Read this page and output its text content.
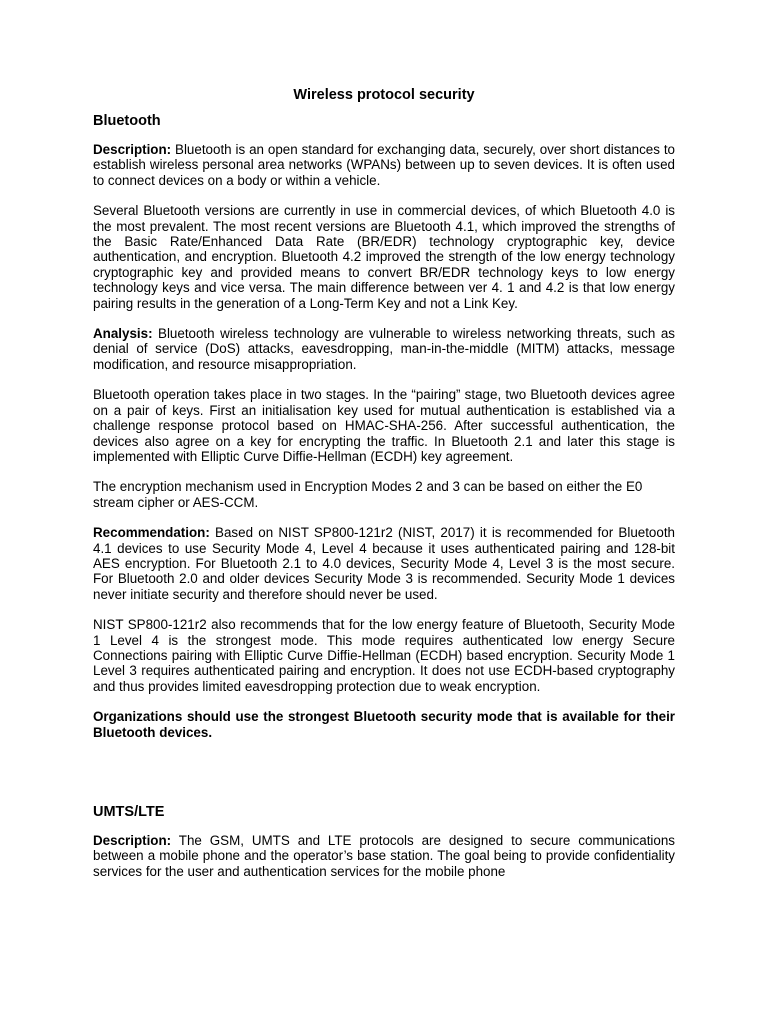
Wireless protocol security
Bluetooth

Description: Bluetooth is an open standard for exchanging data, securely, over short distances to establish wireless personal area networks (WPANs) between up to seven devices. It is often used to connect devices on a body or within a vehicle.

Several Bluetooth versions are currently in use in commercial devices, of which Bluetooth 4.0 is the most prevalent. The most recent versions are Bluetooth 4.1, which improved the strengths of the Basic Rate/Enhanced Data Rate (BR/EDR) technology cryptographic key, device authentication, and encryption. Bluetooth 4.2 improved the strength of the low energy technology cryptographic key and provided means to convert BR/EDR technology keys to low energy technology keys and vice versa. The main difference between ver 4. 1 and 4.2 is that low energy pairing results in the generation of a Long-Term Key and not a Link Key.

Analysis: Bluetooth wireless technology are vulnerable to wireless networking threats, such as denial of service (DoS) attacks, eavesdropping, man-in-the-middle (MITM) attacks, message modification, and resource misappropriation.

Bluetooth operation takes place in two stages. In the “pairing” stage, two Bluetooth devices agree on a pair of keys. First an initialisation key used for mutual authentication is established via a challenge response protocol based on HMAC-SHA-256. After successful authentication, the devices also agree on a key for encrypting the traffic. In Bluetooth 2.1 and later this stage is implemented with Elliptic Curve Diffie-Hellman (ECDH) key agreement.

The encryption mechanism used in Encryption Modes 2 and 3 can be based on either the E0 stream cipher or AES-CCM.

Recommendation: Based on NIST SP800-121r2 (NIST, 2017) it is recommended for Bluetooth 4.1 devices to use Security Mode 4, Level 4 because it uses authenticated pairing and 128-bit AES encryption. For Bluetooth 2.1 to 4.0 devices, Security Mode 4, Level 3 is the most secure. For Bluetooth 2.0 and older devices Security Mode 3 is recommended. Security Mode 1 devices never initiate security and therefore should never be used.

NIST SP800-121r2 also recommends that for the low energy feature of Bluetooth, Security Mode 1 Level 4 is the strongest mode. This mode requires authenticated low energy Secure Connections pairing with Elliptic Curve Diffie-Hellman (ECDH) based encryption. Security Mode 1 Level 3 requires authenticated pairing and encryption. It does not use ECDH-based cryptography and thus provides limited eavesdropping protection due to weak encryption.

Organizations should use the strongest Bluetooth security mode that is available for their Bluetooth devices.

UMTS/LTE

Description: The GSM, UMTS and LTE protocols are designed to secure communications between a mobile phone and the operator’s base station. The goal being to provide confidentiality services for the user and authentication services for the mobile phone
